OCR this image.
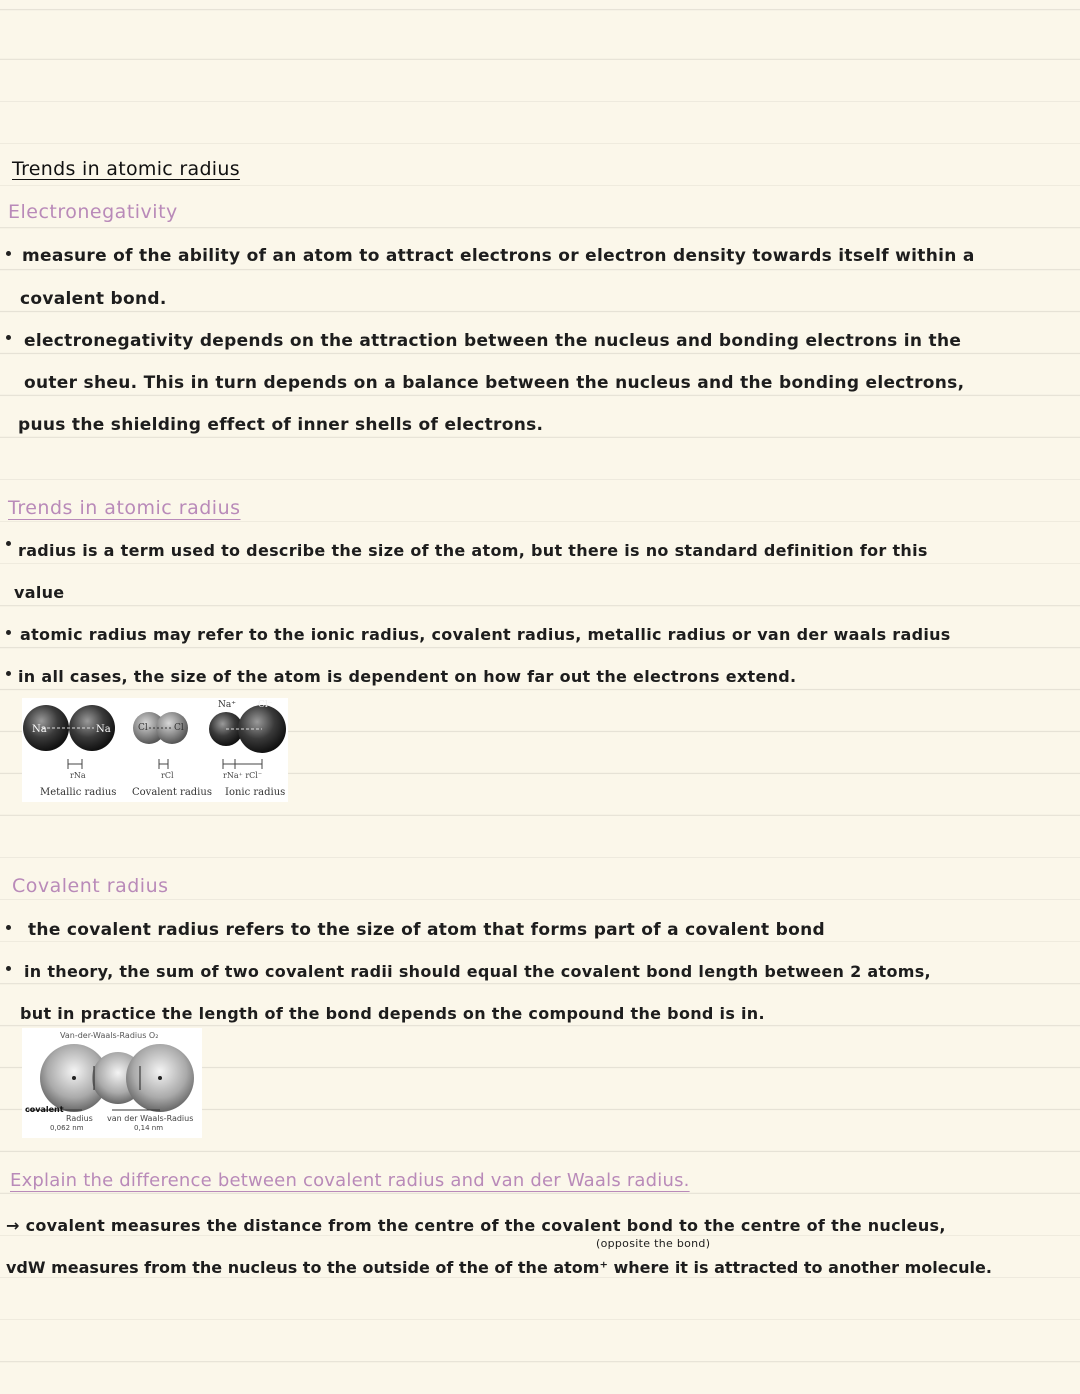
Trends in atomic radius
Electronegativity
measure of the ability of an atom to attract electrons or electron density towards itself within a
covalent bond.
electronegativity depends on the attraction between the nucleus and bonding electrons in the
outer sheu. This in turn depends on a balance between the nucleus and the bonding electrons,
puus the shielding effect of inner shells of electrons.
Trends in atomic radius
radius is a term used to describe the size of the atom, but there is no standard definition for this
value
atomic radius may refer to the ionic radius, covalent radius, metallic radius or van der waals radius
in all cases, the size of the atom is dependent on how far out the electrons extend.
Na	Na	Cl	Cl
Na⁺ Cl⁻
rNa	rCl	rNa⁺ rCl⁻
Metallic radius Covalent radius Ionic radius
Covalent radius
the covalent radius refers to the size of atom that forms part of a covalent bond
in theory, the sum of two covalent radii should equal the covalent bond length between 2 atoms,
but in practice the length of the bond depends on the compound the bond is in.
Van-der-Waals-Radius O₂
covalent
Radius
0,062 nm
van der Waals-Radius
0,14 nm
Explain the difference between covalent radius and van der Waals radius.
→ covalent measures the distance from the centre of the covalent bond to the centre of the nucleus,
(opposite the bond)
vdW measures from the nucleus to the outside of the of the atom⁺ where it is attracted to another molecule.
